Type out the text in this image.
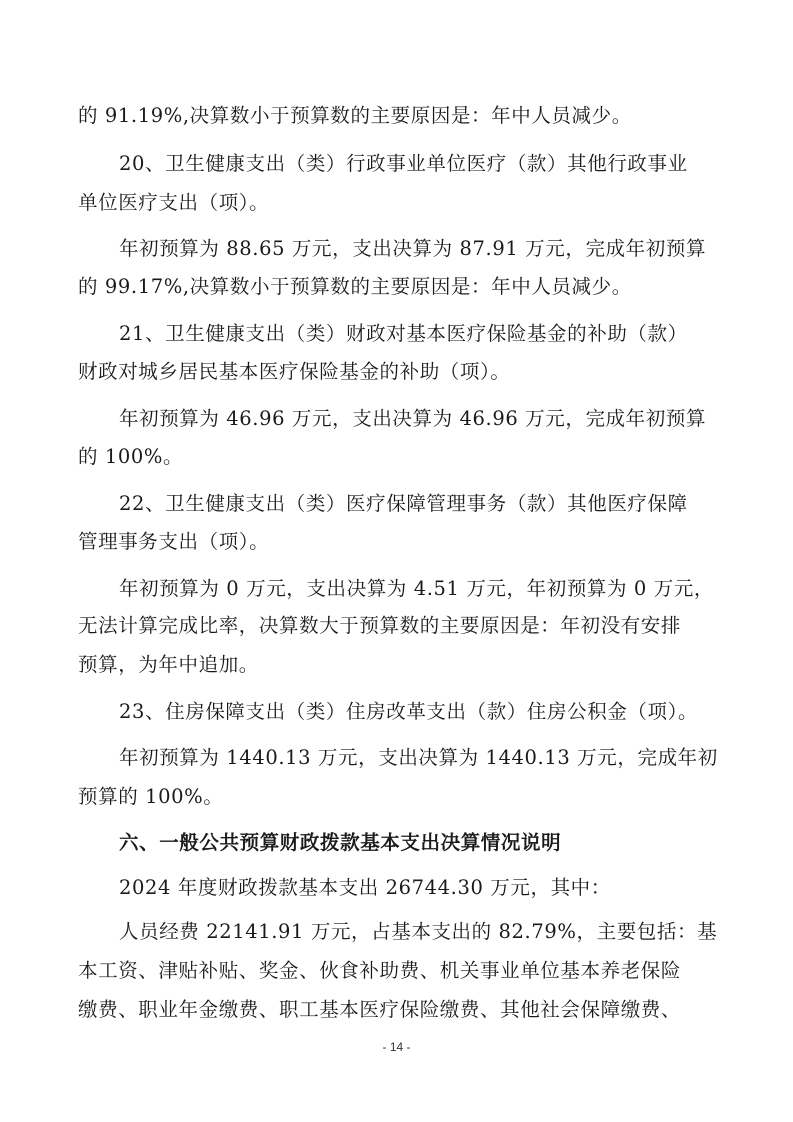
的 91.19%,决算数小于预算数的主要原因是：年中人员减少。
20、卫生健康支出（类）行政事业单位医疗（款）其他行政事业
单位医疗支出（项）。
年初预算为 88.65 万元，支出决算为 87.91 万元，完成年初预算
的 99.17%,决算数小于预算数的主要原因是：年中人员减少。
21、卫生健康支出（类）财政对基本医疗保险基金的补助（款）
财政对城乡居民基本医疗保险基金的补助（项）。
年初预算为 46.96 万元，支出决算为 46.96 万元，完成年初预算
的 100%。
22、卫生健康支出（类）医疗保障管理事务（款）其他医疗保障
管理事务支出（项）。
年初预算为 0 万元，支出决算为 4.51 万元，年初预算为 0 万元，
无法计算完成比率，决算数大于预算数的主要原因是：年初没有安排
预算，为年中追加。
23、住房保障支出（类）住房改革支出（款）住房公积金（项）。
年初预算为 1440.13 万元，支出决算为 1440.13 万元，完成年初
预算的 100%。
六、一般公共预算财政拨款基本支出决算情况说明
2024 年度财政拨款基本支出 26744.30 万元，其中：
人员经费 22141.91 万元，占基本支出的 82.79%，主要包括：基
本工资、津贴补贴、奖金、伙食补助费、机关事业单位基本养老保险
缴费、职业年金缴费、职工基本医疗保险缴费、其他社会保障缴费、
- 14 -
